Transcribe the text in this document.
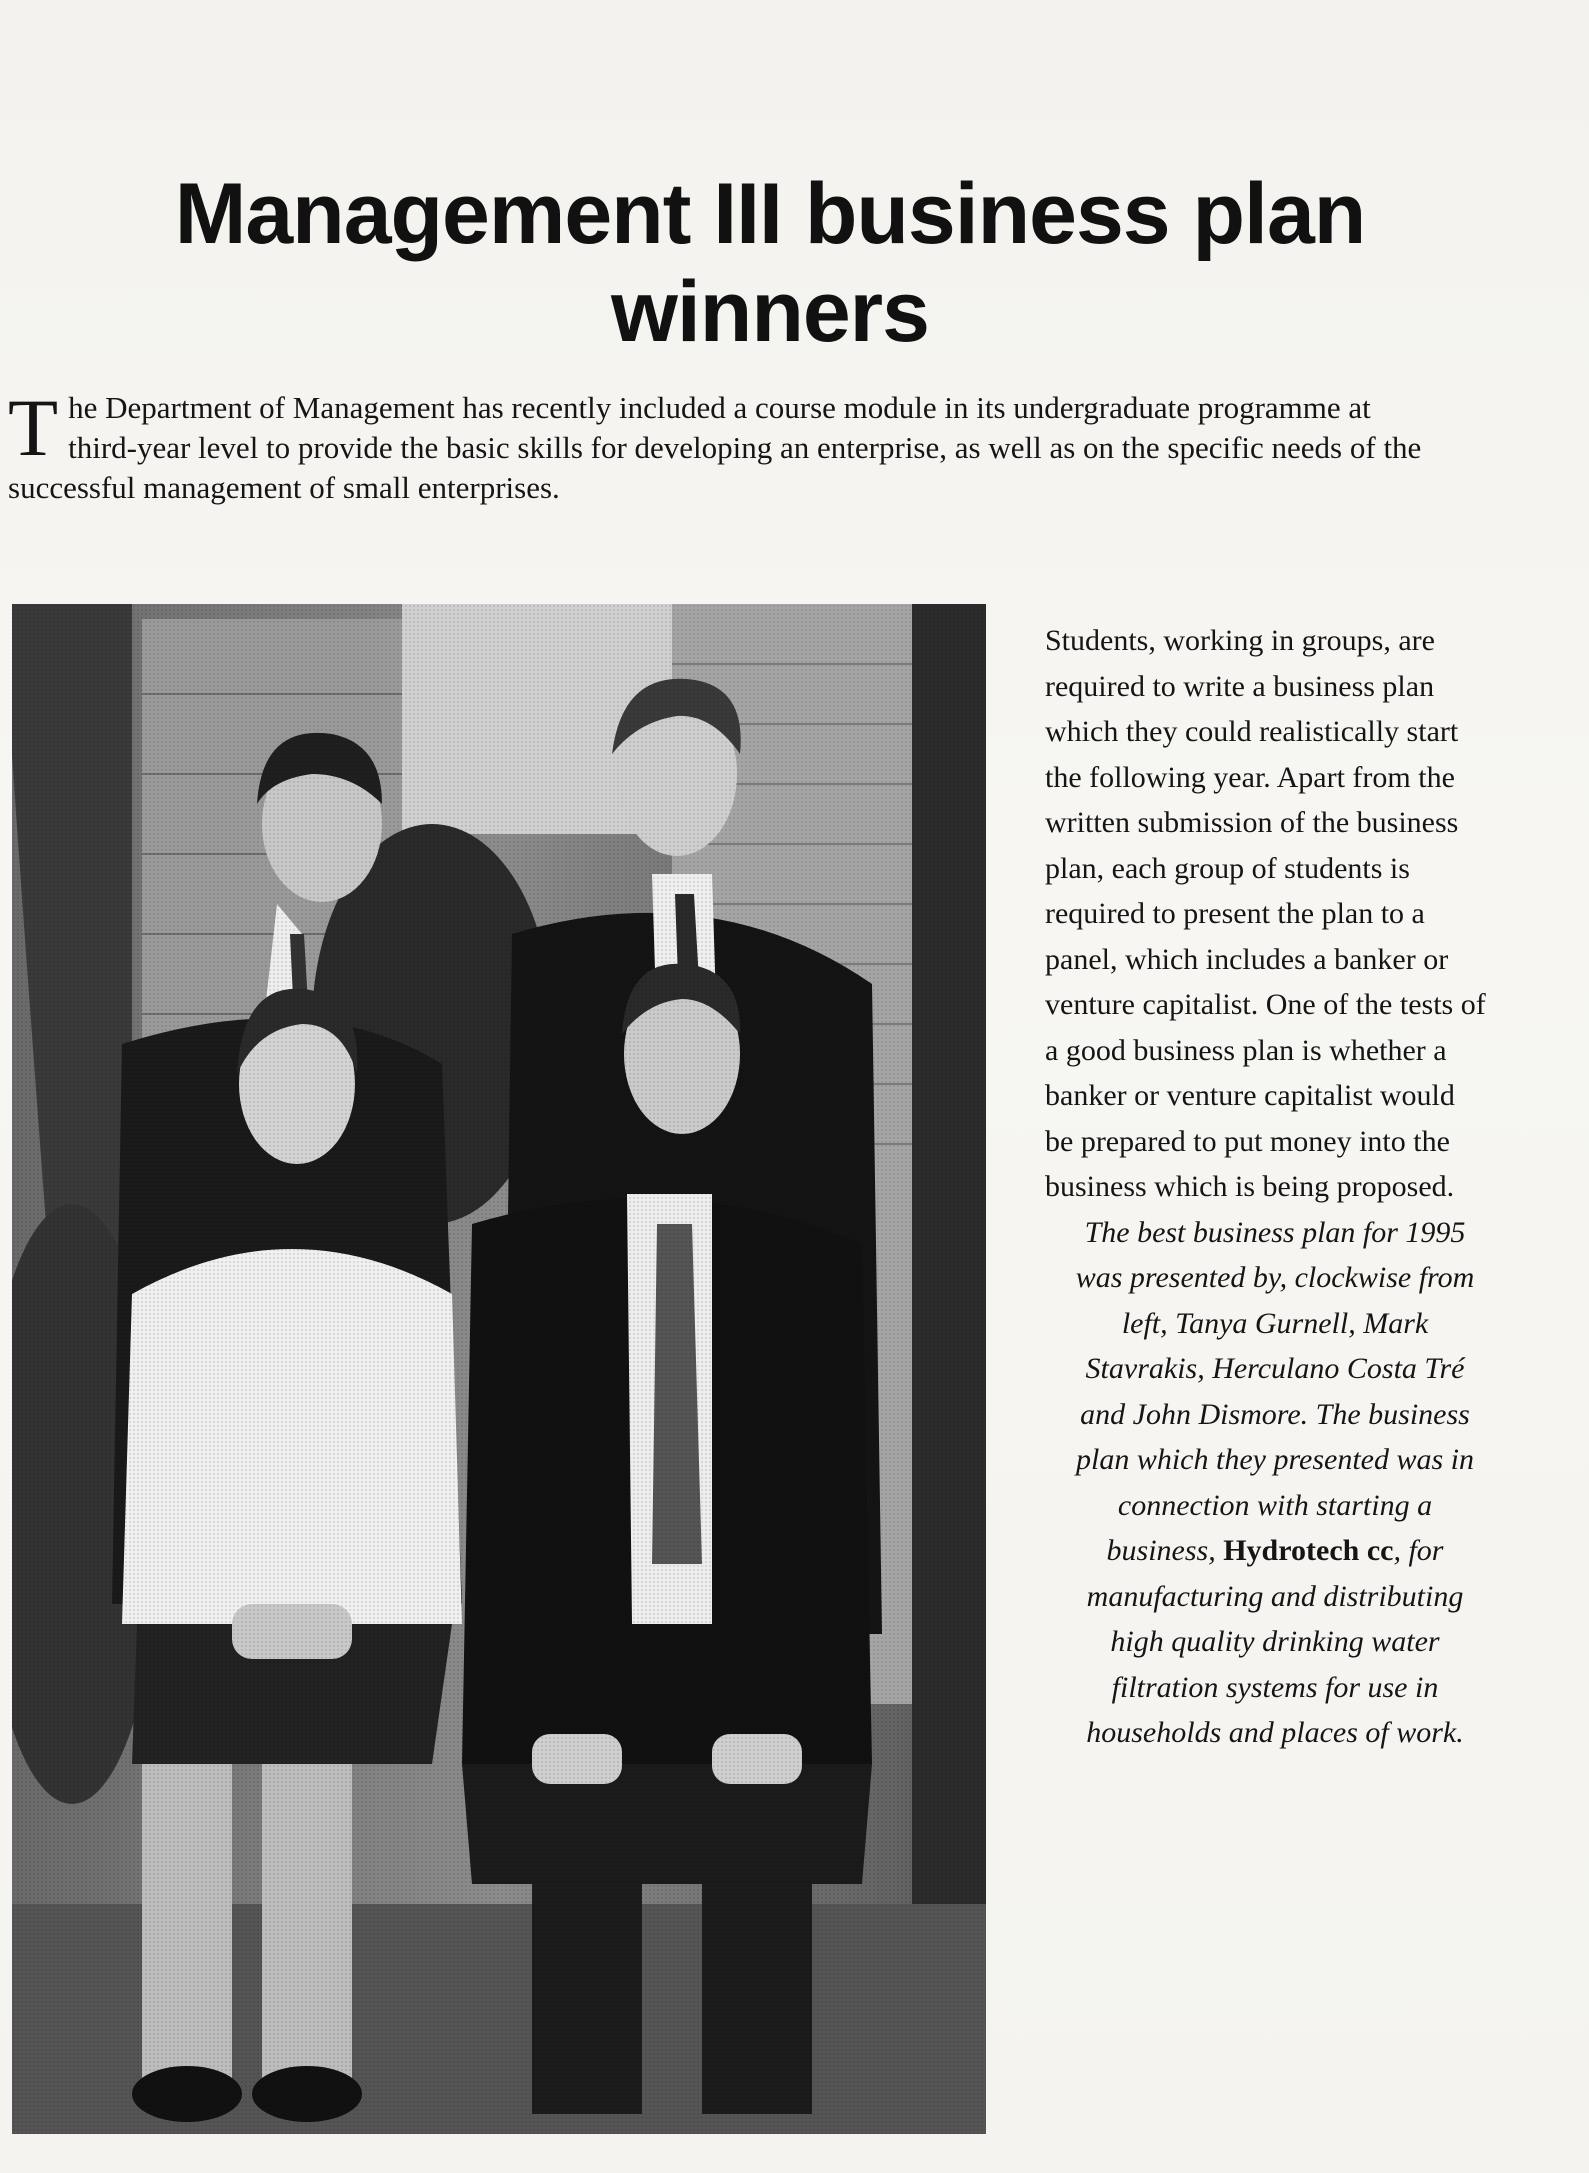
Management III business plan
winners

The Department of Management has recently included a course module in its undergraduate programme at third-year level to provide the basic skills for developing an enterprise, as well as on the specific needs of the successful management of small enterprises.

Students, working in groups, are required to write a business plan which they could realistically start the following year. Apart from the written submission of the business plan, each group of students is required to present the plan to a panel, which includes a banker or venture capitalist. One of the tests of a good business plan is whether a banker or venture capitalist would be prepared to put money into the business which is being proposed.

The best business plan for 1995 was presented by, clockwise from left, Tanya Gurnell, Mark Stavrakis, Herculano Costa Tré and John Dismore. The business plan which they presented was in connection with starting a business, Hydrotech cc, for manufacturing and distributing high quality drinking water filtration systems for use in households and places of work.
